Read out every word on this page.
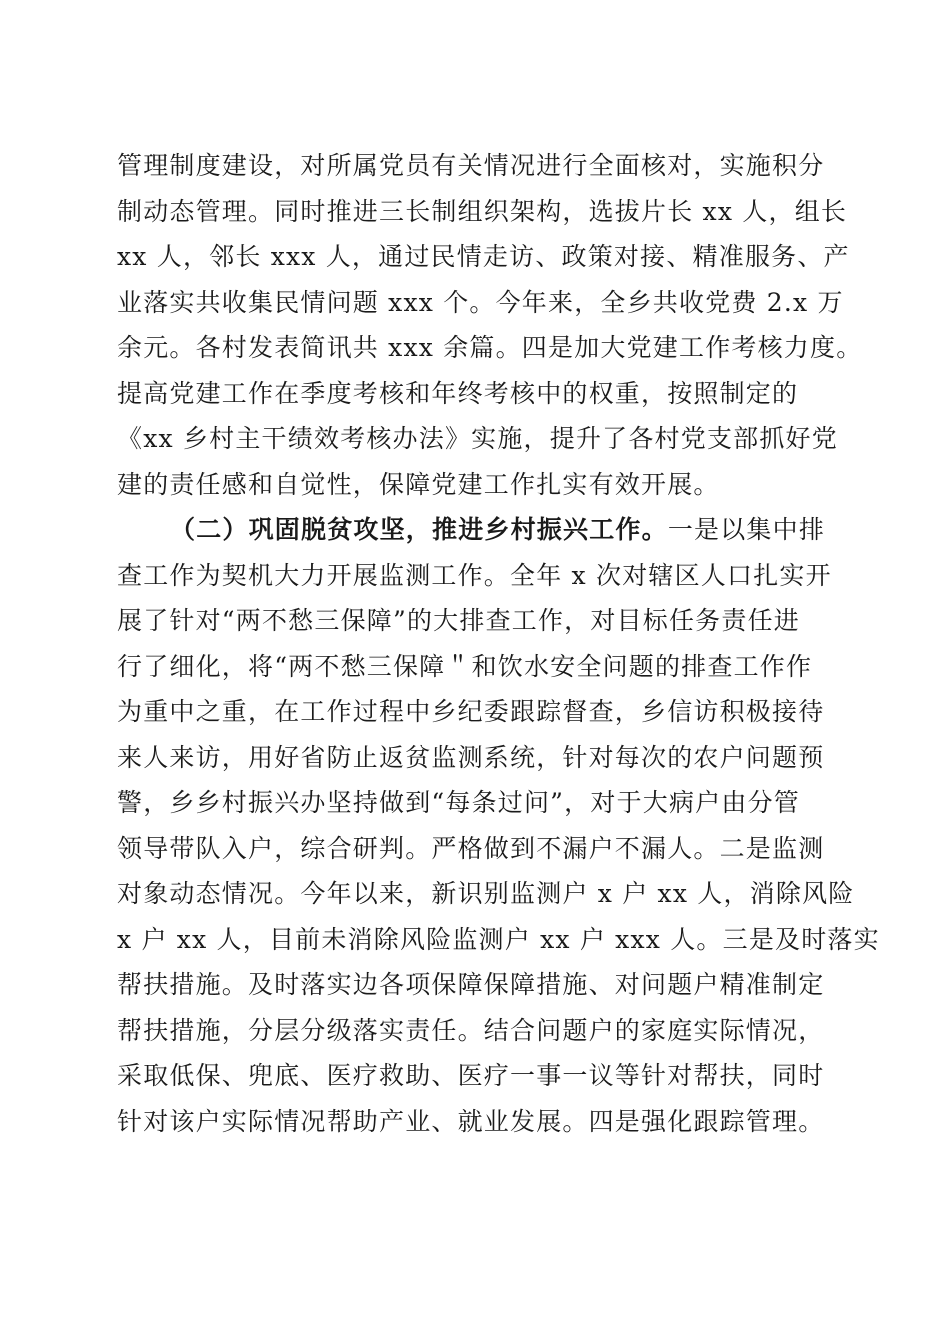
管理制度建设，对所属党员有关情况进行全面核对，实施积分
制动态管理。同时推进三长制组织架构，选拔片长 xx 人，组长
xx 人，邻长 xxx 人，通过民情走访、政策对接、精准服务、产
业落实共收集民情问题 xxx 个。今年来，全乡共收党费 2.x 万
余元。各村发表简讯共 xxx 余篇。四是加大党建工作考核力度。
提高党建工作在季度考核和年终考核中的权重，按照制定的
《xx 乡村主干绩效考核办法》实施，提升了各村党支部抓好党
建的责任感和自觉性，保障党建工作扎实有效开展。
（二）巩固脱贫攻坚，推进乡村振兴工作。一是以集中排
查工作为契机大力开展监测工作。全年 x 次对辖区人口扎实开
展了针对“两不愁三保障”的大排查工作，对目标任务责任进
行了细化，将“两不愁三保障＂和饮水安全问题的排查工作作
为重中之重，在工作过程中乡纪委跟踪督查，乡信访积极接待
来人来访，用好省防止返贫监测系统，针对每次的农户问题预
警，乡乡村振兴办坚持做到“每条过问”，对于大病户由分管
领导带队入户，综合研判。严格做到不漏户不漏人。二是监测
对象动态情况。今年以来，新识别监测户 x 户 xx 人，消除风险
x 户 xx 人，目前未消除风险监测户 xx 户 xxx 人。三是及时落实
帮扶措施。及时落实边各项保障保障措施、对问题户精准制定
帮扶措施，分层分级落实责任。结合问题户的家庭实际情况，
采取低保、兜底、医疗救助、医疗一事一议等针对帮扶，同时
针对该户实际情况帮助产业、就业发展。四是强化跟踪管理。
